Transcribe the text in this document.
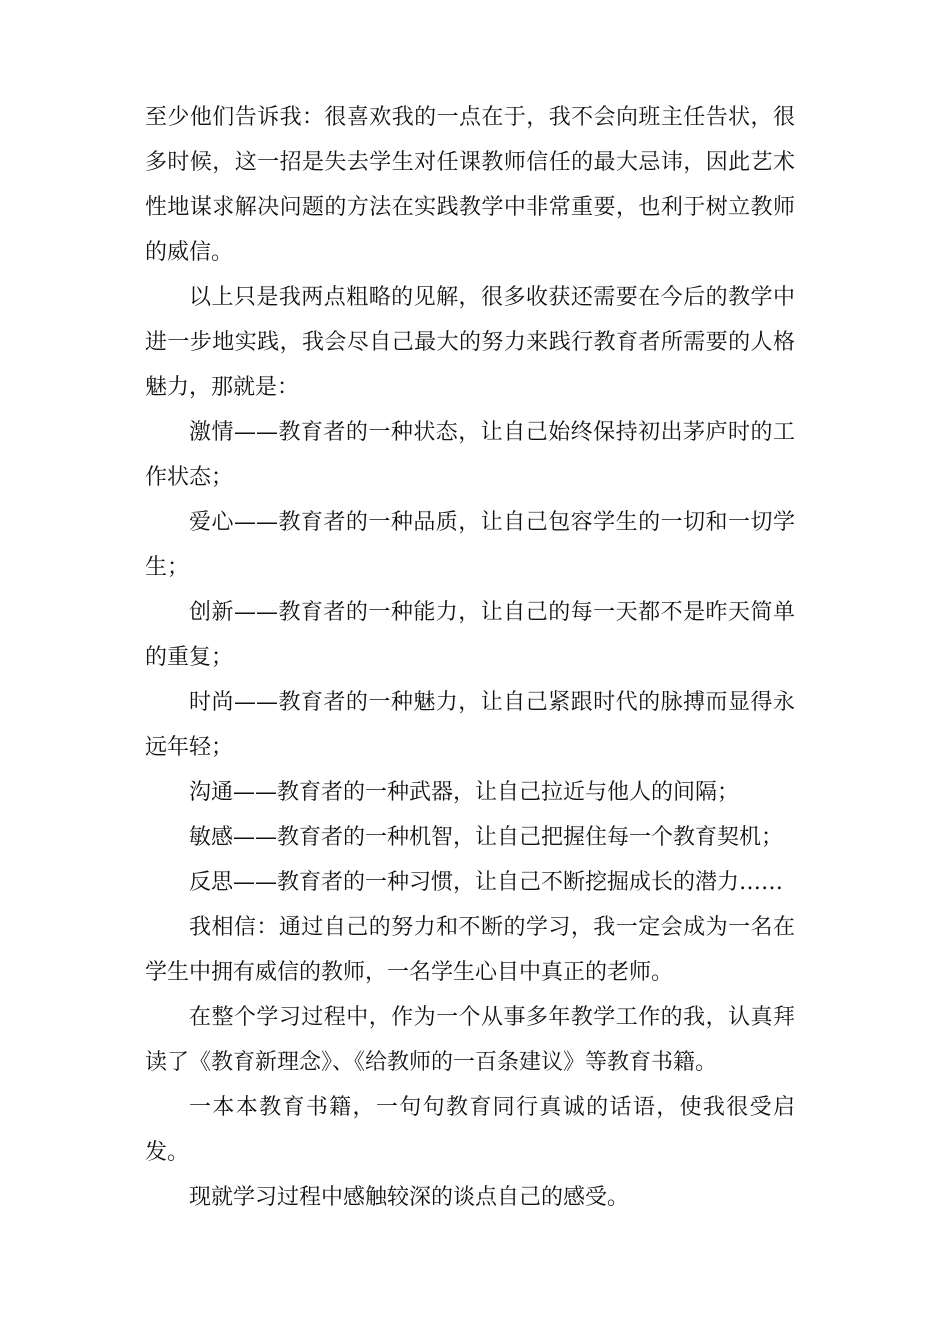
至少他们告诉我：很喜欢我的一点在于，我不会向班主任告状，很多时候，这一招是失去学生对任课教师信任的最大忌讳，因此艺术性地谋求解决问题的方法在实践教学中非常重要，也利于树立教师的威信。

以上只是我两点粗略的见解，很多收获还需要在今后的教学中进一步地实践，我会尽自己最大的努力来践行教育者所需要的人格魅力，那就是：

激情——教育者的一种状态，让自己始终保持初出茅庐时的工作状态；

爱心——教育者的一种品质，让自己包容学生的一切和一切学生；

创新——教育者的一种能力，让自己的每一天都不是昨天简单的重复；

时尚——教育者的一种魅力，让自己紧跟时代的脉搏而显得永远年轻；

沟通——教育者的一种武器，让自己拉近与他人的间隔；

敏感——教育者的一种机智，让自己把握住每一个教育契机；

反思——教育者的一种习惯，让自己不断挖掘成长的潜力……

我相信：通过自己的努力和不断的学习，我一定会成为一名在学生中拥有威信的教师，一名学生心目中真正的老师。

在整个学习过程中，作为一个从事多年教学工作的我，认真拜读了《教育新理念》、《给教师的一百条建议》等教育书籍。

一本本教育书籍，一句句教育同行真诚的话语，使我很受启发。

现就学习过程中感触较深的谈点自己的感受。
